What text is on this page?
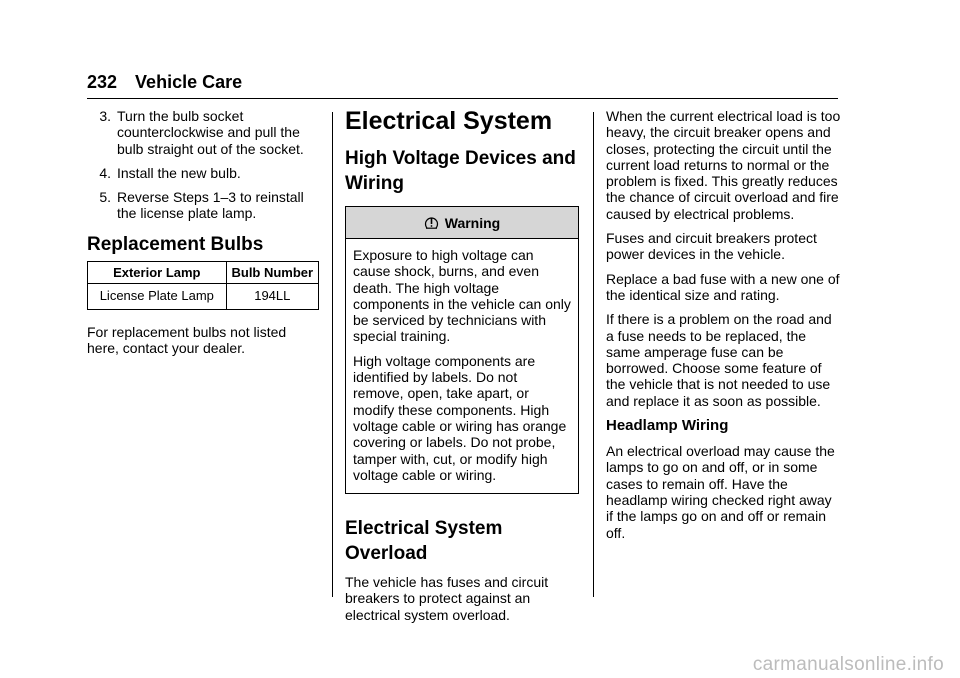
232 Vehicle Care
3. Turn the bulb socket counterclockwise and pull the bulb straight out of the socket.
4. Install the new bulb.
5. Reverse Steps 1–3 to reinstall the license plate lamp.
Replacement Bulbs
Exterior Lamp	Bulb Number
License Plate Lamp	194LL

For replacement bulbs not listed here, contact your dealer.

Electrical System
High Voltage Devices and Wiring
Warning

Exposure to high voltage can cause shock, burns, and even death. The high voltage components in the vehicle can only be serviced by technicians with special training.

High voltage components are identified by labels. Do not remove, open, take apart, or modify these components. High voltage cable or wiring has orange covering or labels. Do not probe, tamper with, cut, or modify high voltage cable or wiring.

Electrical System Overload

The vehicle has fuses and circuit breakers to protect against an electrical system overload.

When the current electrical load is too heavy, the circuit breaker opens and closes, protecting the circuit until the current load returns to normal or the problem is fixed. This greatly reduces the chance of circuit overload and fire caused by electrical problems.

Fuses and circuit breakers protect power devices in the vehicle.

Replace a bad fuse with a new one of the identical size and rating.

If there is a problem on the road and a fuse needs to be replaced, the same amperage fuse can be borrowed. Choose some feature of the vehicle that is not needed to use and replace it as soon as possible.

Headlamp Wiring

An electrical overload may cause the lamps to go on and off, or in some cases to remain off. Have the headlamp wiring checked right away if the lamps go on and off or remain off.

carmanualsonline.info
